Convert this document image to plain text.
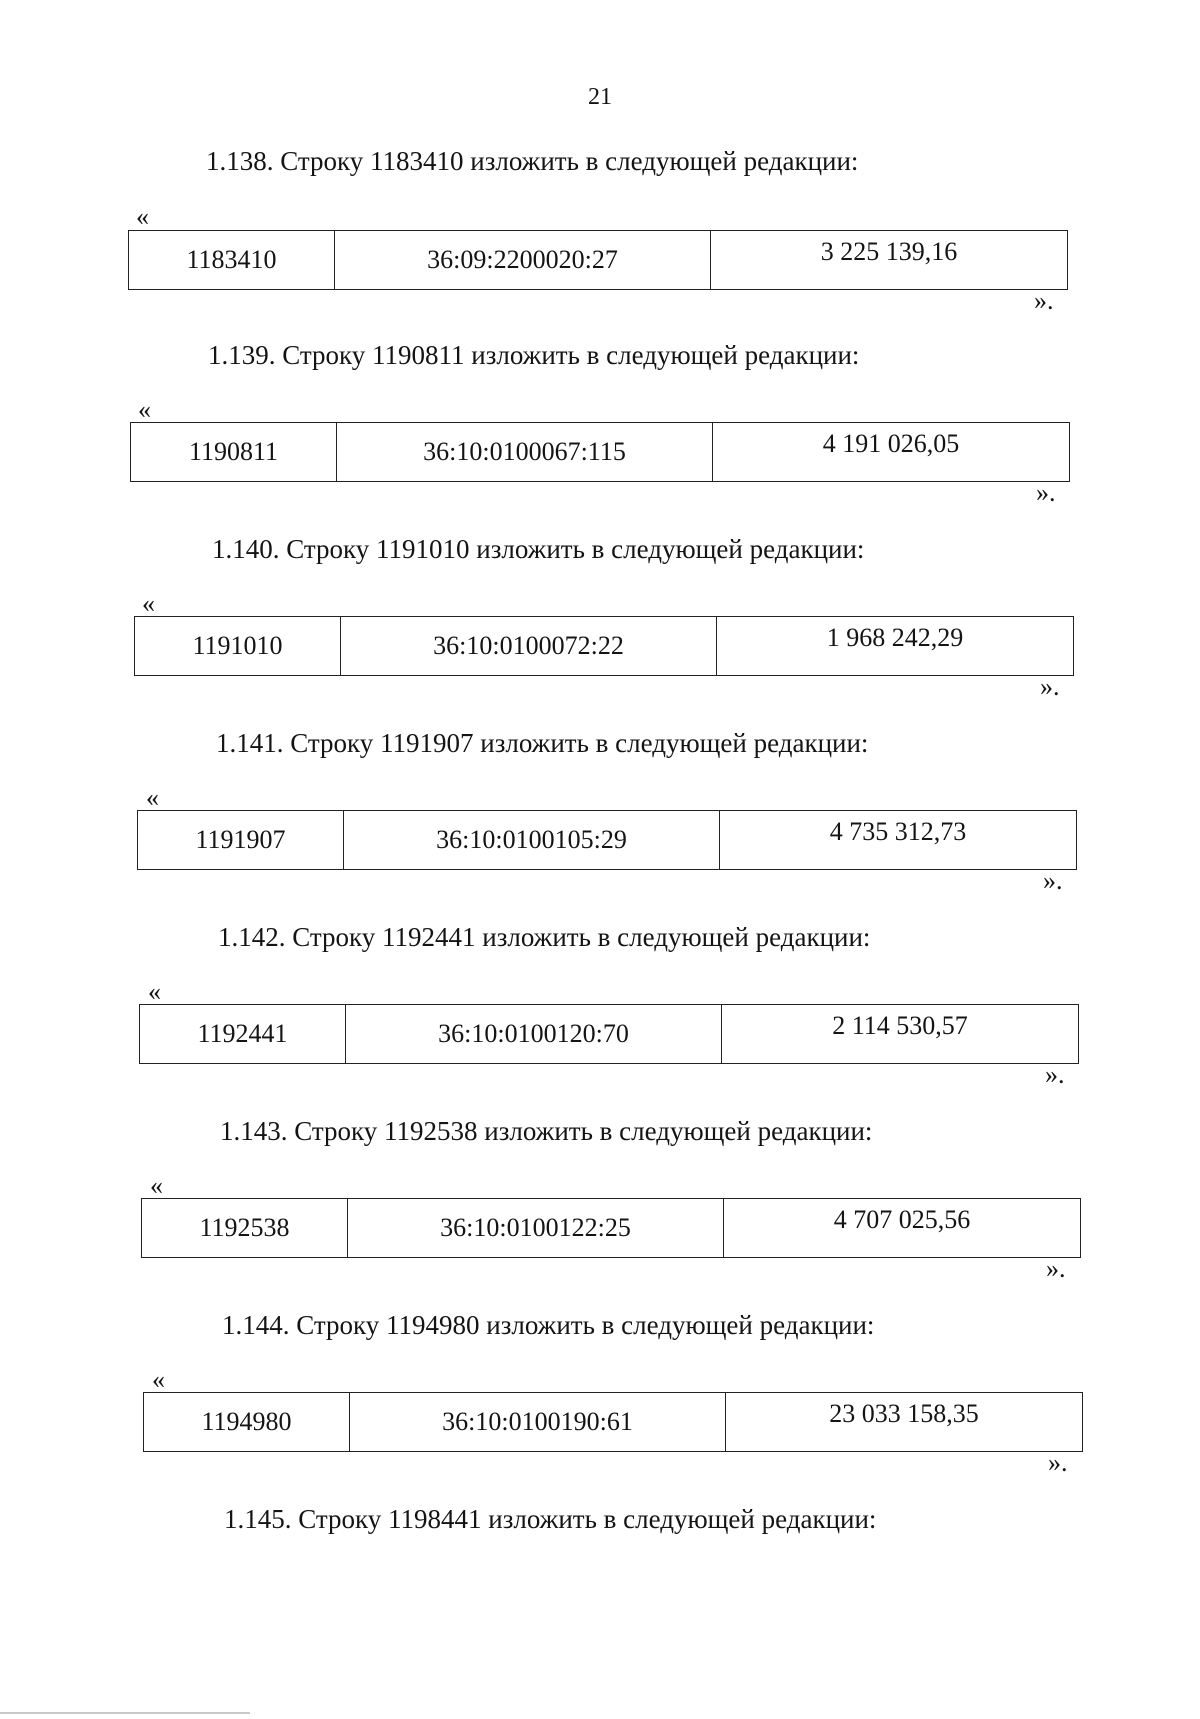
21
1.138. Строку 1183410 изложить в следующей редакции:
«
1183410	36:09:2200020:27	3 225 139,16
».
1.139. Строку 1190811 изложить в следующей редакции:
«
1190811	36:10:0100067:115	4 191 026,05
».
1.140. Строку 1191010 изложить в следующей редакции:
«
1191010	36:10:0100072:22	1 968 242,29
».
1.141. Строку 1191907 изложить в следующей редакции:
«
1191907	36:10:0100105:29	4 735 312,73
».
1.142. Строку 1192441 изложить в следующей редакции:
«
1192441	36:10:0100120:70	2 114 530,57
».
1.143. Строку 1192538 изложить в следующей редакции:
«
1192538	36:10:0100122:25	4 707 025,56
».
1.144. Строку 1194980 изложить в следующей редакции:
«
1194980	36:10:0100190:61	23 033 158,35
».
1.145. Строку 1198441 изложить в следующей редакции:
